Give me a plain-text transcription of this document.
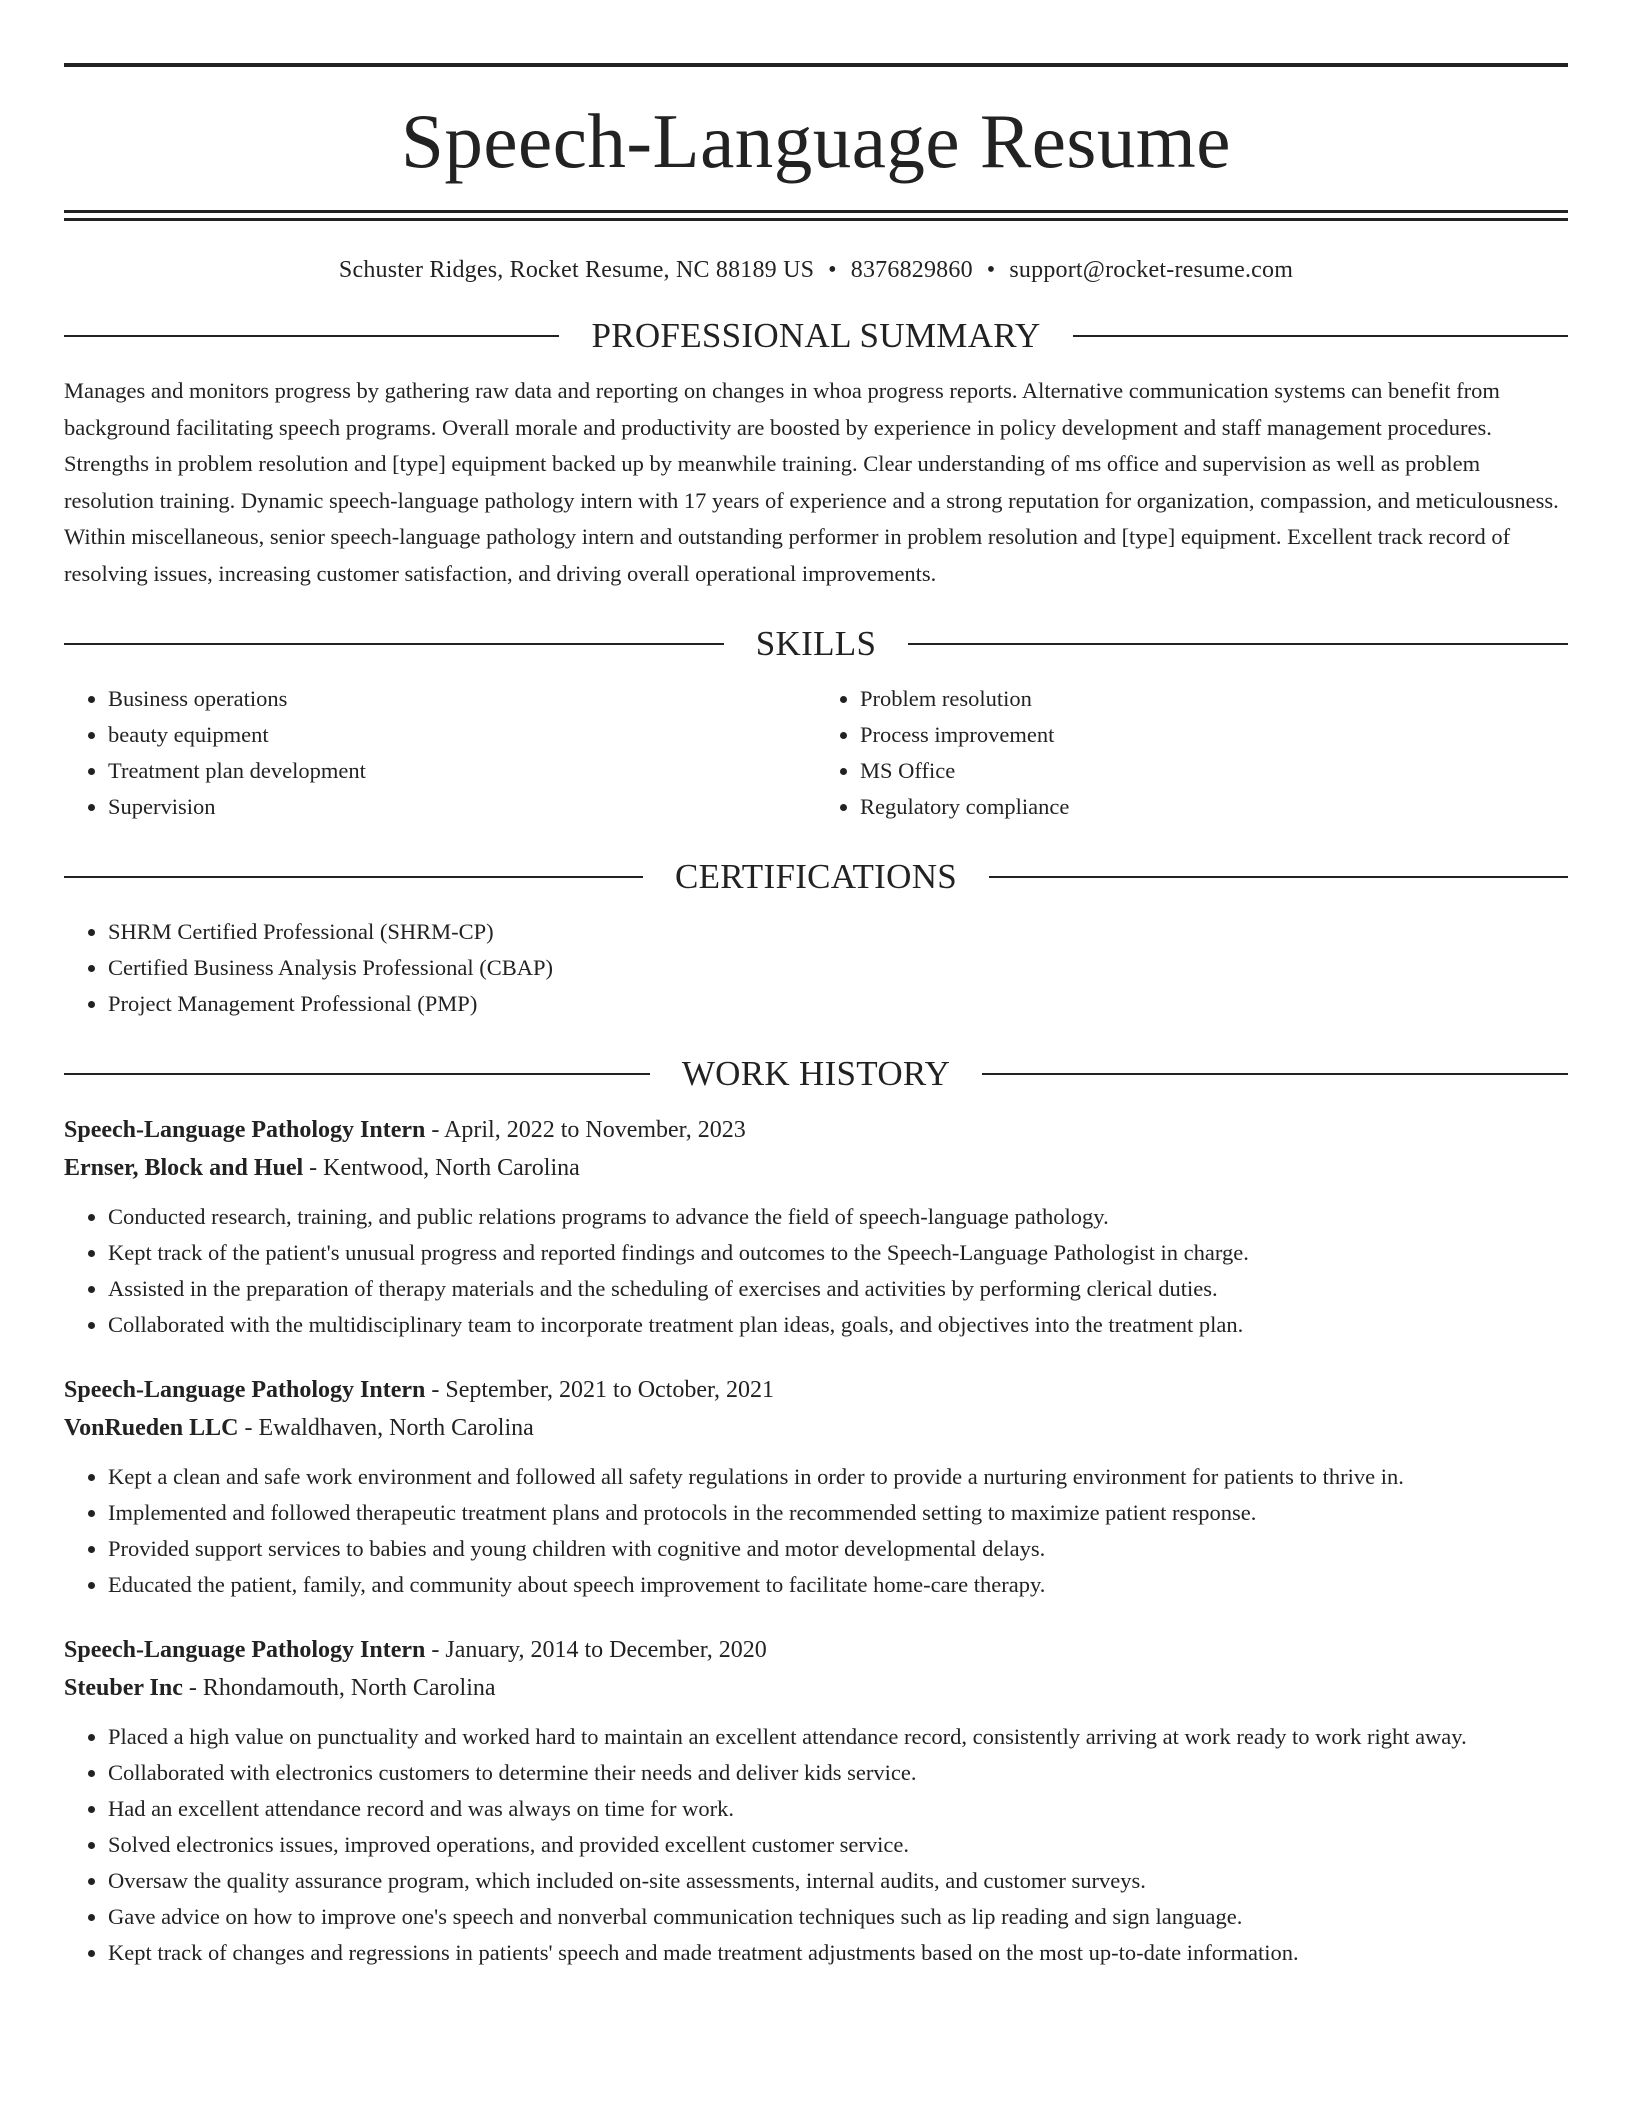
Speech-Language Resume
Schuster Ridges, Rocket Resume, NC 88189 US • 8376829860 • support@rocket-resume.com
PROFESSIONAL SUMMARY

Manages and monitors progress by gathering raw data and reporting on changes in whoa progress reports. Alternative communication systems can benefit from background facilitating speech programs. Overall morale and productivity are boosted by experience in policy development and staff management procedures. Strengths in problem resolution and [type] equipment backed up by meanwhile training. Clear understanding of ms office and supervision as well as problem resolution training. Dynamic speech-language pathology intern with 17 years of experience and a strong reputation for organization, compassion, and meticulousness. Within miscellaneous, senior speech-language pathology intern and outstanding performer in problem resolution and [type] equipment. Excellent track record of resolving issues, increasing customer satisfaction, and driving overall operational improvements.

SKILLS
• Business operations
• beauty equipment
• Treatment plan development
• Supervision
• Problem resolution
• Process improvement
• MS Office
• Regulatory compliance
CERTIFICATIONS
• SHRM Certified Professional (SHRM-CP)
• Certified Business Analysis Professional (CBAP)
• Project Management Professional (PMP)
WORK HISTORY
Speech-Language Pathology Intern - April, 2022 to November, 2023
Ernser, Block and Huel - Kentwood, North Carolina
• Conducted research, training, and public relations programs to advance the field of speech-language pathology.
• Kept track of the patient's unusual progress and reported findings and outcomes to the Speech-Language Pathologist in charge.
• Assisted in the preparation of therapy materials and the scheduling of exercises and activities by performing clerical duties.
• Collaborated with the multidisciplinary team to incorporate treatment plan ideas, goals, and objectives into the treatment plan.
Speech-Language Pathology Intern - September, 2021 to October, 2021
VonRueden LLC - Ewaldhaven, North Carolina
• Kept a clean and safe work environment and followed all safety regulations in order to provide a nurturing environment for patients to thrive in.
• Implemented and followed therapeutic treatment plans and protocols in the recommended setting to maximize patient response.
• Provided support services to babies and young children with cognitive and motor developmental delays.
• Educated the patient, family, and community about speech improvement to facilitate home-care therapy.
Speech-Language Pathology Intern - January, 2014 to December, 2020
Steuber Inc - Rhondamouth, North Carolina
• Placed a high value on punctuality and worked hard to maintain an excellent attendance record, consistently arriving at work ready to work right away.
• Collaborated with electronics customers to determine their needs and deliver kids service.
• Had an excellent attendance record and was always on time for work.
• Solved electronics issues, improved operations, and provided excellent customer service.
• Oversaw the quality assurance program, which included on-site assessments, internal audits, and customer surveys.
• Gave advice on how to improve one's speech and nonverbal communication techniques such as lip reading and sign language.
• Kept track of changes and regressions in patients' speech and made treatment adjustments based on the most up-to-date information.
